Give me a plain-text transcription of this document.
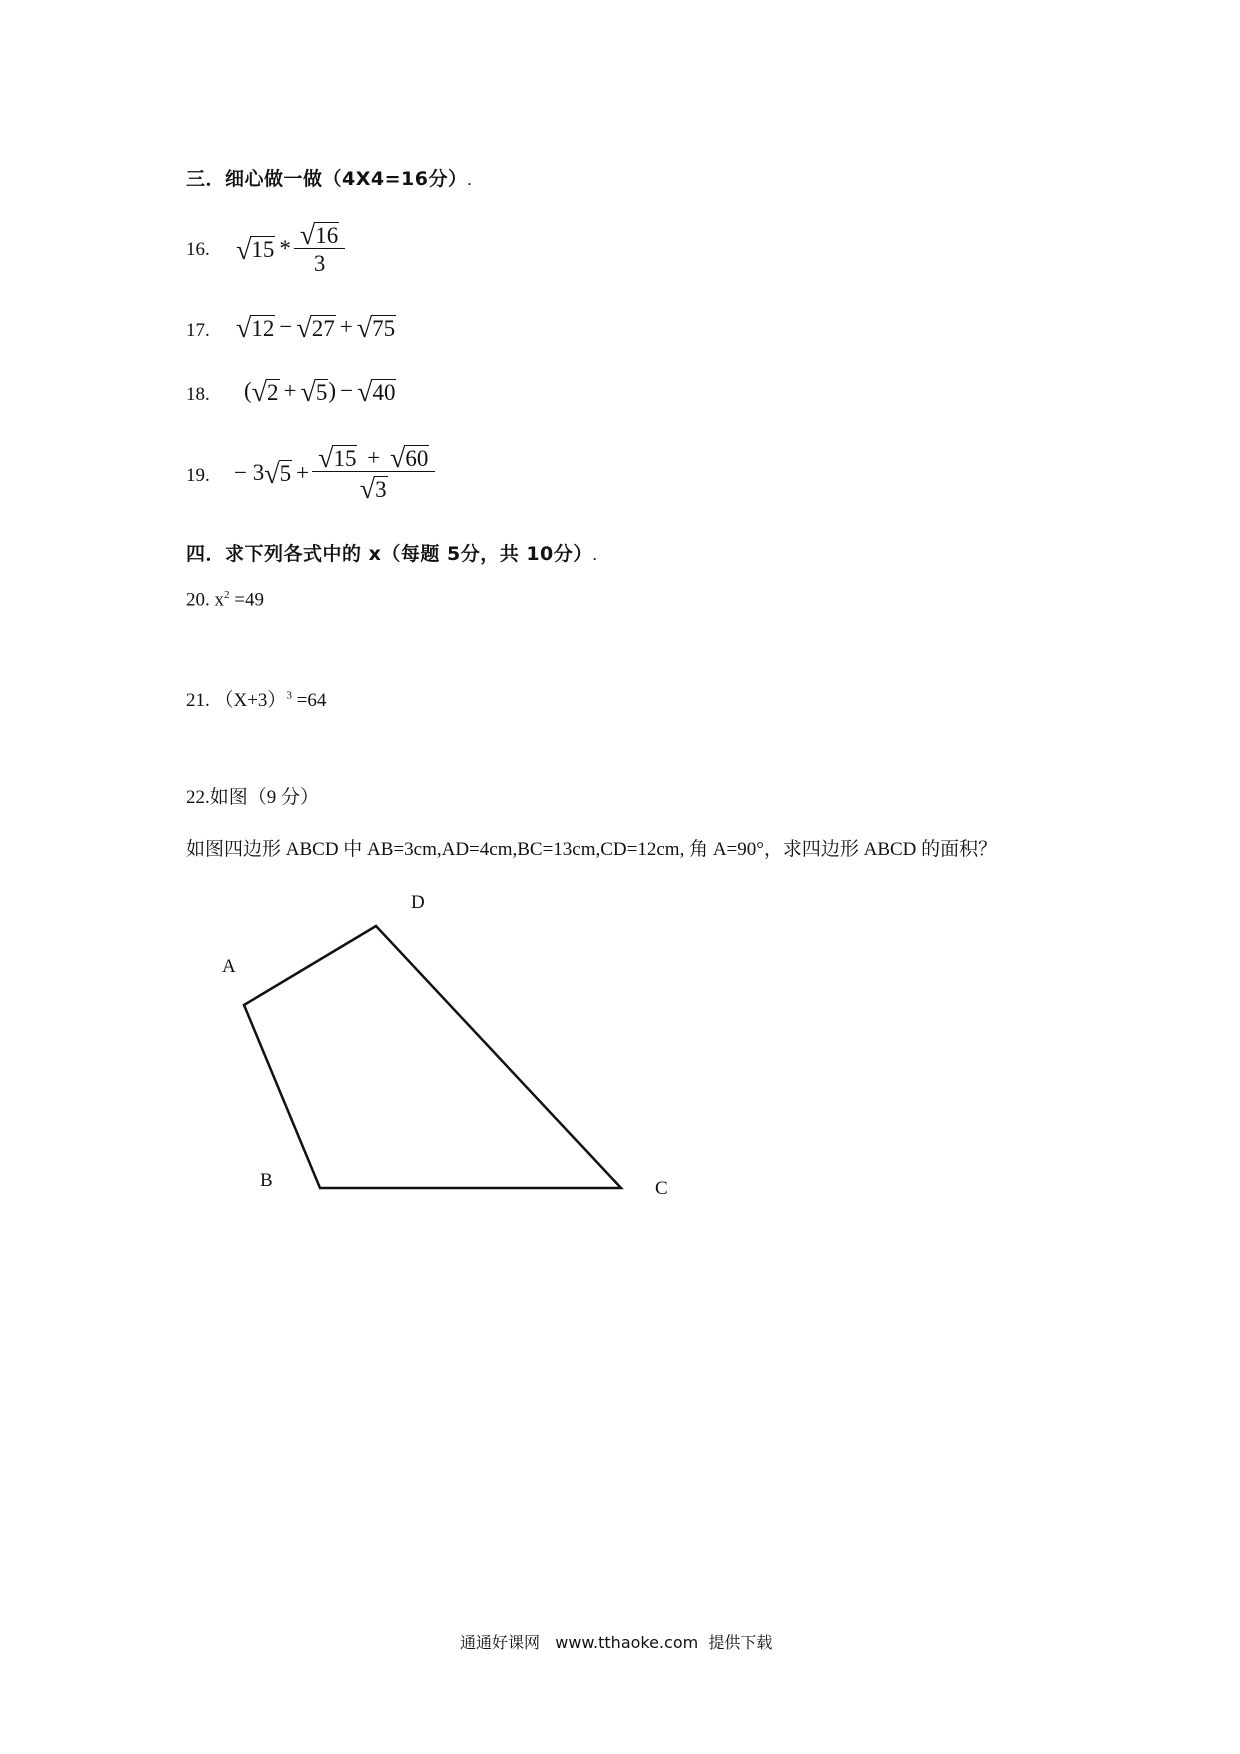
三．细心做一做（4X4=16分）.
16. √ $15 * \frac{√ 16}{3}$
17. √ 12 − √ 27 + √ 75
18. ( √ 2 + √ 5 ) − √ 40
19. − 3 √ $5 + \frac{√ 15 + √ 60}{√ 3}$
四．求下列各式中的 x（每题 5分，共 10分）.
20. $x^2 =49$
21. $(X+3)^3 =64$
22.如图（9 分）
如图四边形 ABCD 中 AB=3cm,AD=4cm,BC=13cm,CD=12cm, 角 A=90°，求四边形 ABCD 的面积？
A
D
B	C
通通好课网   www.tthaoke.com  提供下载
